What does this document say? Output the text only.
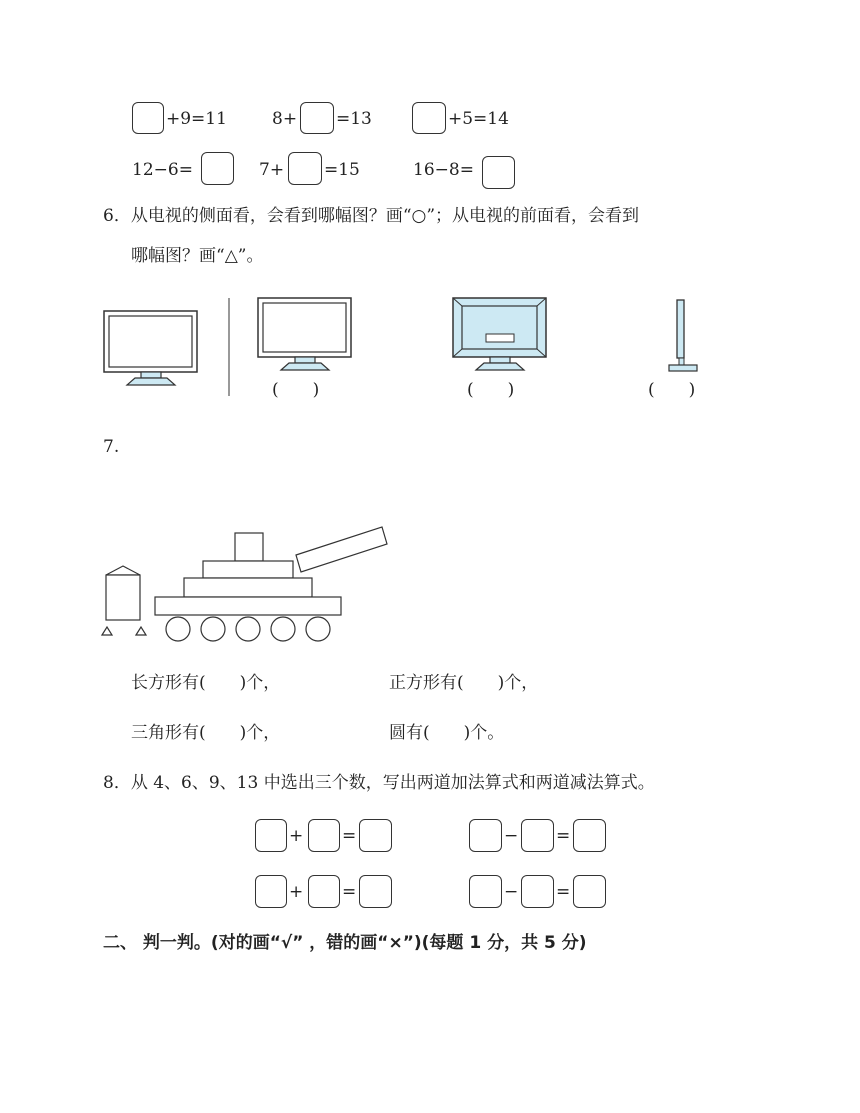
+9=11	8+ =13	+5=14
12−6=	7+ =15	16−8=
6．从电视的侧面看，会看到哪幅图？画“○”；从电视的前面看，会看到
哪幅图？画“△”。
(　　)	(　　)	(　　)
7.
长方形有(　　)个，	正方形有(　　)个，
三角形有(　　)个，	圆有(　　)个。
8．从 4、6、9、13 中选出三个数，写出两道加法算式和两道减法算式。
+ =	− =
+ =	− =
二、 判一判。(对的画“√” ，错的画“×”)(每题 1 分，共 5 分)
